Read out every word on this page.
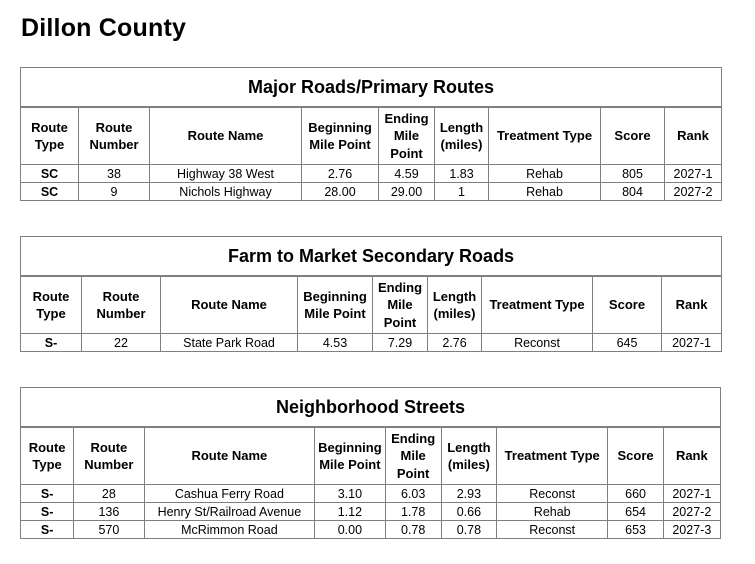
Dillon County
Major Roads/Primary Routes								
Route Type	Route Number	Route Name	Beginning Mile Point	Ending Mile Point	Length (miles)	Treatment Type	Score	Rank
SC	38	Highway 38 West	2.76	4.59	1.83	Rehab	805	2027-1
SC	9	Nichols Highway	28.00	29.00	1	Rehab	804	2027-2
Farm to Market Secondary Roads								
Route Type	Route Number	Route Name	Beginning Mile Point	Ending Mile Point	Length (miles)	Treatment Type	Score	Rank
S-	22	State Park Road	4.53	7.29	2.76	Reconst	645	2027-1
Neighborhood Streets								
Route Type	Route Number	Route Name	Beginning Mile Point	Ending Mile Point	Length (miles)	Treatment Type	Score	Rank
S-	28	Cashua Ferry Road	3.10	6.03	2.93	Reconst	660	2027-1
S-	136	Henry St/Railroad Avenue	1.12	1.78	0.66	Rehab	654	2027-2
S-	570	McRimmon Road	0.00	0.78	0.78	Reconst	653	2027-3
